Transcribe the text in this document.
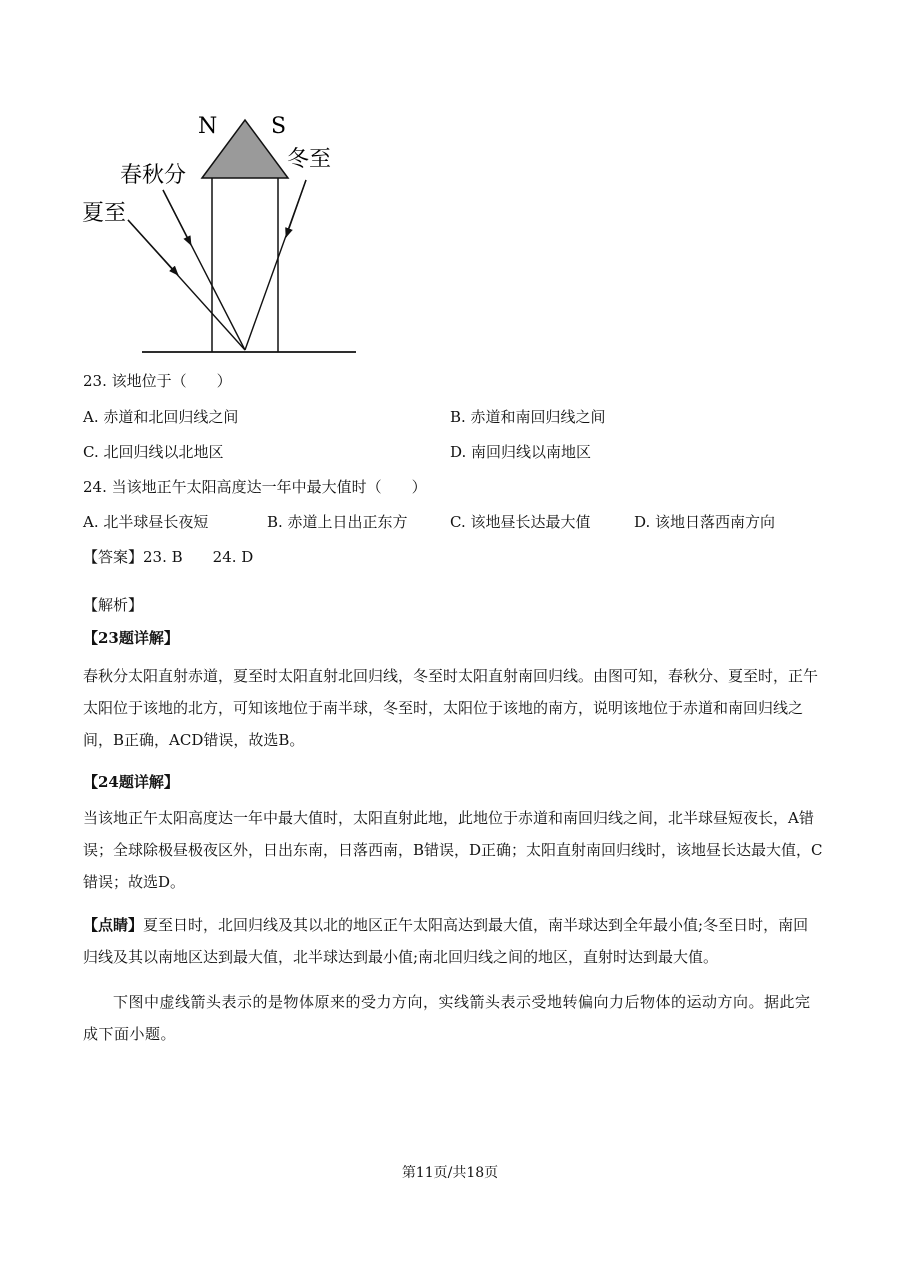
N S
春秋分
冬至
夏至
23. 该地位于（　　）
A. 赤道和北回归线之间	B. 赤道和南回归线之间
C. 北回归线以北地区	D. 南回归线以南地区
24. 当该地正午太阳高度达一年中最大值时（　　）
A. 北半球昼长夜短	B. 赤道上日出正东方	C. 该地昼长达最大值	D. 该地日落西南方向
【答案】23. B　　24. D
【解析】
【23题详解】
春秋分太阳直射赤道，夏至时太阳直射北回归线，冬至时太阳直射南回归线。由图可知，春秋分、夏至时，正午太阳位于该地的北方，可知该地位于南半球，冬至时，太阳位于该地的南方，说明该地位于赤道和南回归线之间，B正确，ACD错误，故选B。
【24题详解】
当该地正午太阳高度达一年中最大值时，太阳直射此地，此地位于赤道和南回归线之间，北半球昼短夜长，A错误；全球除极昼极夜区外，日出东南，日落西南，B错误，D正确；太阳直射南回归线时，该地昼长达最大值，C错误；故选D。
【点睛】夏至日时，北回归线及其以北的地区正午太阳高达到最大值，南半球达到全年最小值;冬至日时，南回归线及其以南地区达到最大值，北半球达到最小值;南北回归线之间的地区，直射时达到最大值。
下图中虚线箭头表示的是物体原来的受力方向，实线箭头表示受地转偏向力后物体的运动方向。据此完成下面小题。
第11页/共18页
